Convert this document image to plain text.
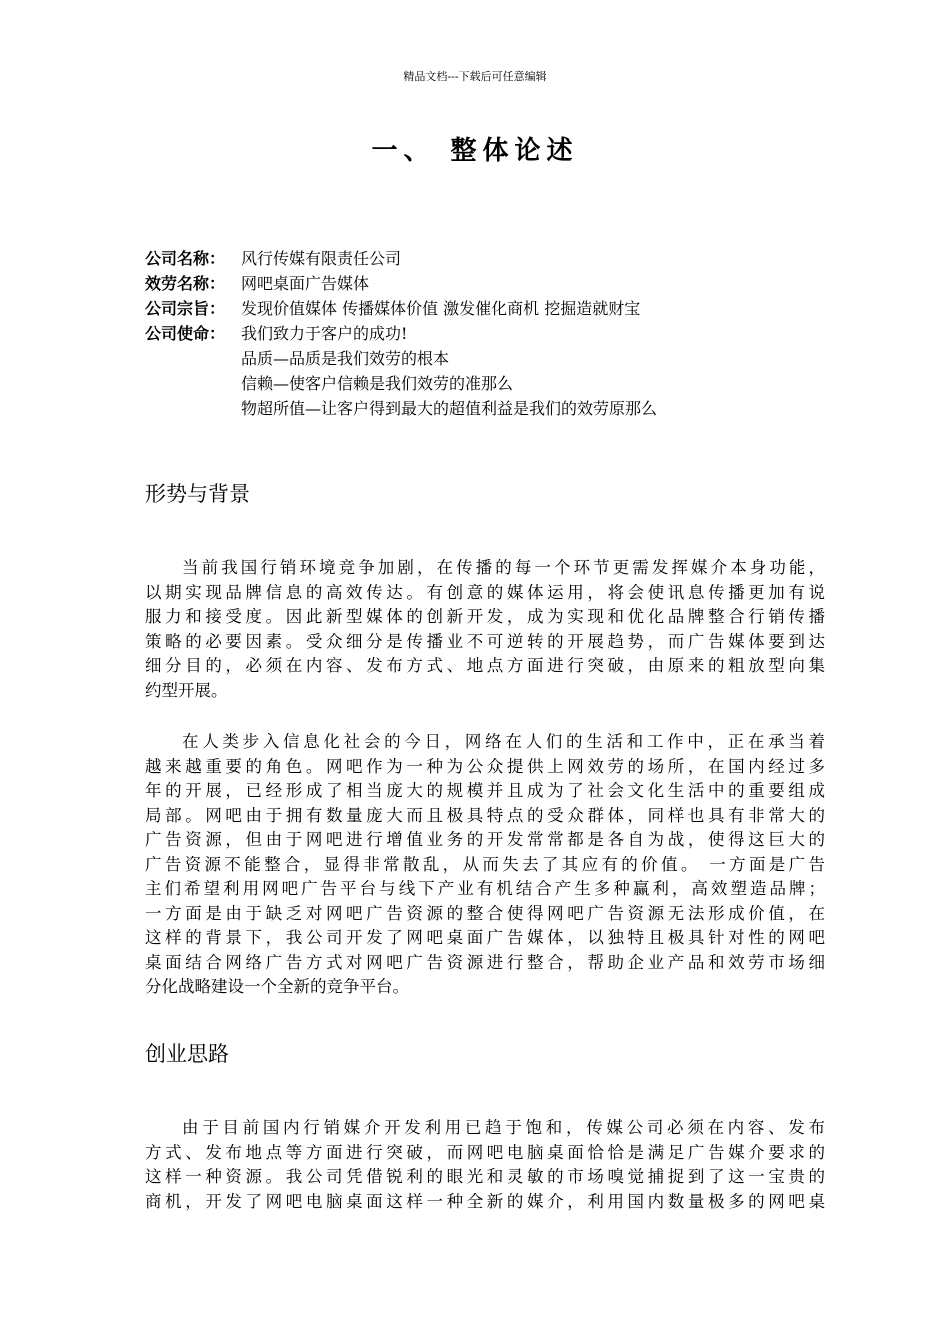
精品文档---下载后可任意编辑
一、 整体论述
公司名称： 风行传媒有限责任公司
效劳名称： 网吧桌面广告媒体
公司宗旨： 发现价值媒体 传播媒体价值 激发催化商机 挖掘造就财宝
公司使命： 我们致力于客户的成功!
品质—品质是我们效劳的根本
信赖—使客户信赖是我们效劳的准那么
物超所值—让客户得到最大的超值利益是我们的效劳原那么
形势与背景
当前我国行销环境竞争加剧，在传播的每一个环节更需发挥媒介本身功能，
以期实现品牌信息的高效传达。有创意的媒体运用，将会使讯息传播更加有说
服力和接受度。因此新型媒体的创新开发，成为实现和优化品牌整合行销传播
策略的必要因素。受众细分是传播业不可逆转的开展趋势，而广告媒体要到达
细分目的，必须在内容、发布方式、地点方面进行突破，由原来的粗放型向集
约型开展。
在人类步入信息化社会的今日，网络在人们的生活和工作中，正在承当着
越来越重要的角色。网吧作为一种为公众提供上网效劳的场所，在国内经过多
年的开展，已经形成了相当庞大的规模并且成为了社会文化生活中的重要组成
局部。网吧由于拥有数量庞大而且极具特点的受众群体，同样也具有非常大的
广告资源，但由于网吧进行增值业务的开发常常都是各自为战，使得这巨大的
广告资源不能整合，显得非常散乱，从而失去了其应有的价值。 一方面是广告
主们希望利用网吧广告平台与线下产业有机结合产生多种赢利，高效塑造品牌；
一方面是由于缺乏对网吧广告资源的整合使得网吧广告资源无法形成价值，在
这样的背景下，我公司开发了网吧桌面广告媒体，以独特且极具针对性的网吧
桌面结合网络广告方式对网吧广告资源进行整合，帮助企业产品和效劳市场细
分化战略建设一个全新的竞争平台。
创业思路
由于目前国内行销媒介开发利用已趋于饱和，传媒公司必须在内容、发布
方式、发布地点等方面进行突破，而网吧电脑桌面恰恰是满足广告媒介要求的
这样一种资源。我公司凭借锐利的眼光和灵敏的市场嗅觉捕捉到了这一宝贵的
商机，开发了网吧电脑桌面这样一种全新的媒介，利用国内数量极多的网吧桌
